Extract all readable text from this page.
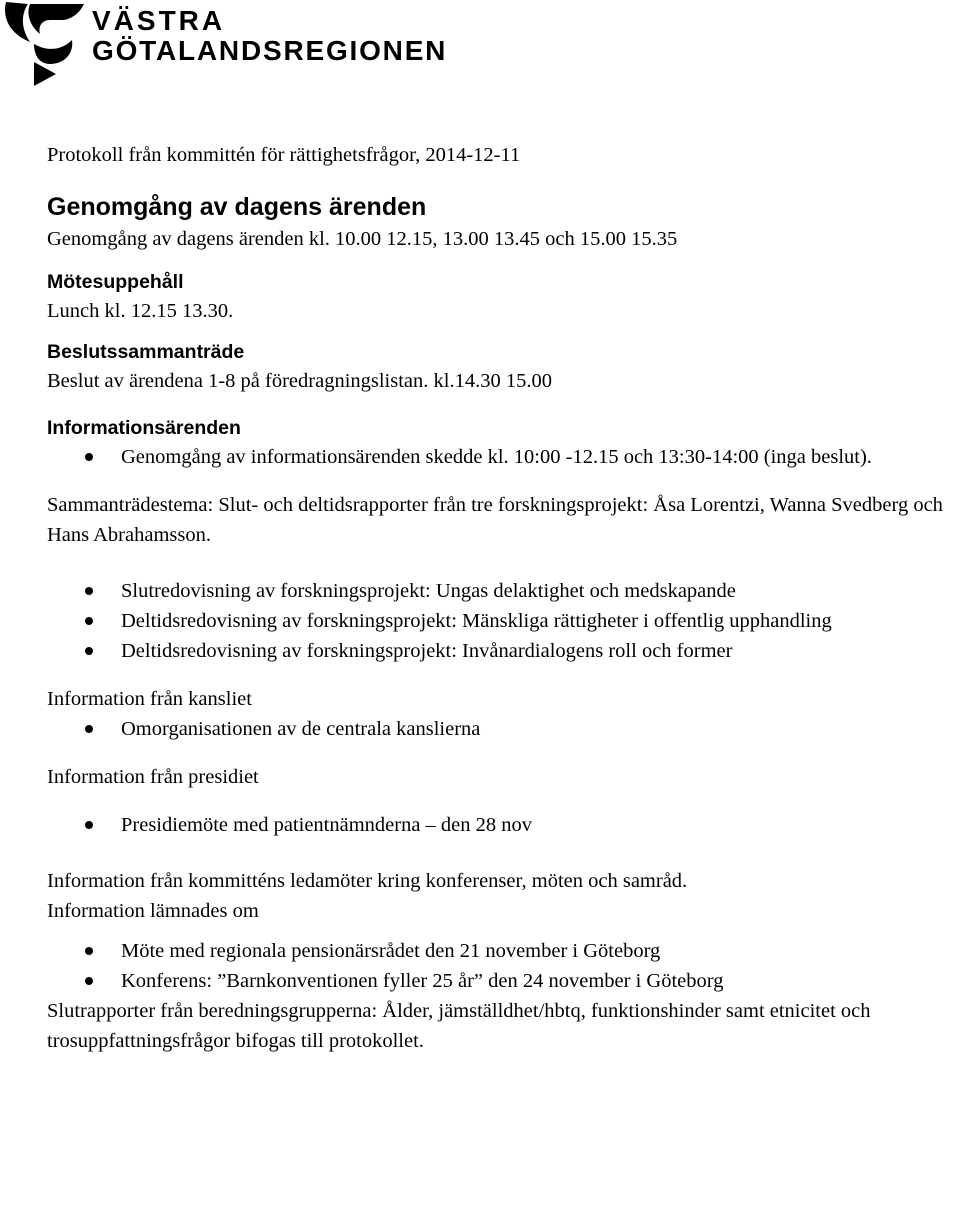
VÄSTRA
GÖTALANDSREGIONEN

Protokoll från kommittén för rättighetsfrågor, 2014-12-11

Genomgång av dagens ärenden

Genomgång av dagens ärenden kl. 10.00 12.15, 13.00 13.45 och 15.00 15.35

Mötesuppehåll

Lunch kl. 12.15 13.30.

Beslutssammanträde

Beslut av ärendena 1-8 på föredragningslistan. kl.14.30 15.00

Informationsärenden
Genomgång av informationsärenden skedde kl. 10:00 -12.15 och 13:30-14:00 (inga beslut).

Sammanträdestema: Slut- och deltidsrapporter från tre forskningsprojekt: Åsa Lorentzi, Wanna Svedberg och Hans Abrahamsson.

Slutredovisning av forskningsprojekt: Ungas delaktighet och medskapande
Deltidsredovisning av forskningsprojekt: Mänskliga rättigheter i offentlig upphandling
Deltidsredovisning av forskningsprojekt: Invånardialogens roll och former

Information från kansliet

Omorganisationen av de centrala kanslierna

Information från presidiet

Presidiemöte med patientnämnderna – den 28 nov

Information från kommitténs ledamöter kring konferenser, möten och samråd.

Information lämnades om

Möte med regionala pensionärsrådet den 21 november i Göteborg
Konferens: ”Barnkonventionen fyller 25 år” den 24 november i Göteborg

Slutrapporter från beredningsgrupperna: Ålder, jämställdhet/hbtq, funktionshinder samt etnicitet och trosuppfattningsfrågor bifogas till protokollet.
